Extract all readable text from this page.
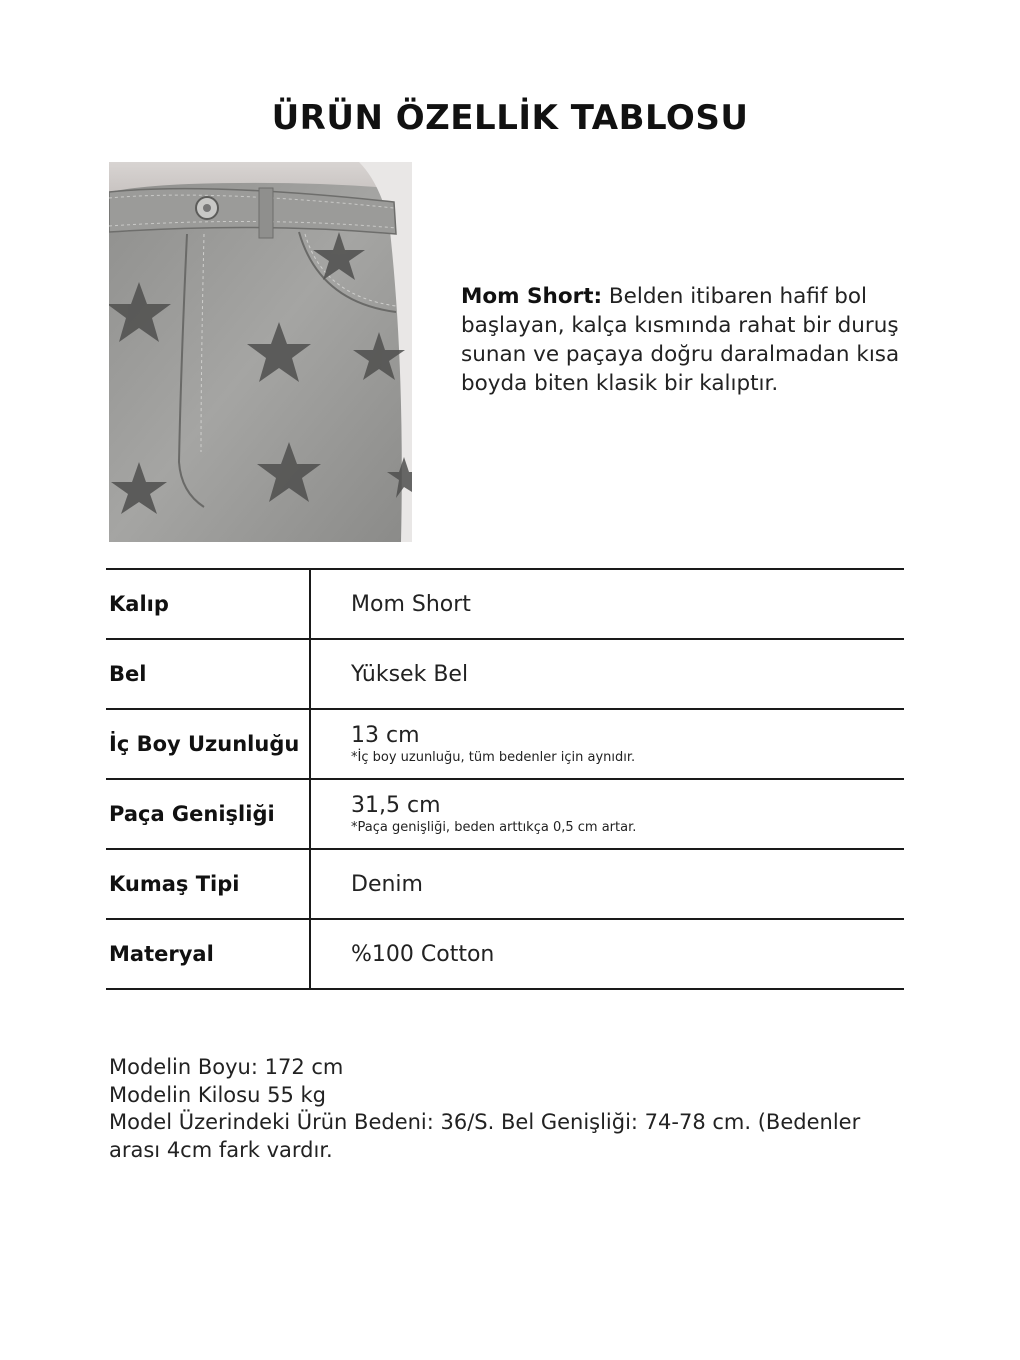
ÜRÜN ÖZELLİK TABLOSU
Mom Short: Belden itibaren hafif bol başlayan, kalça kısmında rahat bir duruş sunan ve paçaya doğru daralmadan kısa boyda biten klasik bir kalıptır.
Kalıp	Mom Short

Bel	Yüksek Bel

İç Boy Uzunluğu	13 cm
*İç boy uzunluğu, tüm bedenler için aynıdır.

Paça Genişliği	31,5 cm
*Paça genişliği, beden arttıkça 0,5 cm artar.

Kumaş Tipi	Denim

Materyal	%100 Cotton
Modelin Boyu: 172 cm
Modelin Kilosu 55 kg
Model Üzerindeki Ürün Bedeni: 36/S. Bel Genişliği: 74-78 cm. (Bedenler arası 4cm fark vardır.
